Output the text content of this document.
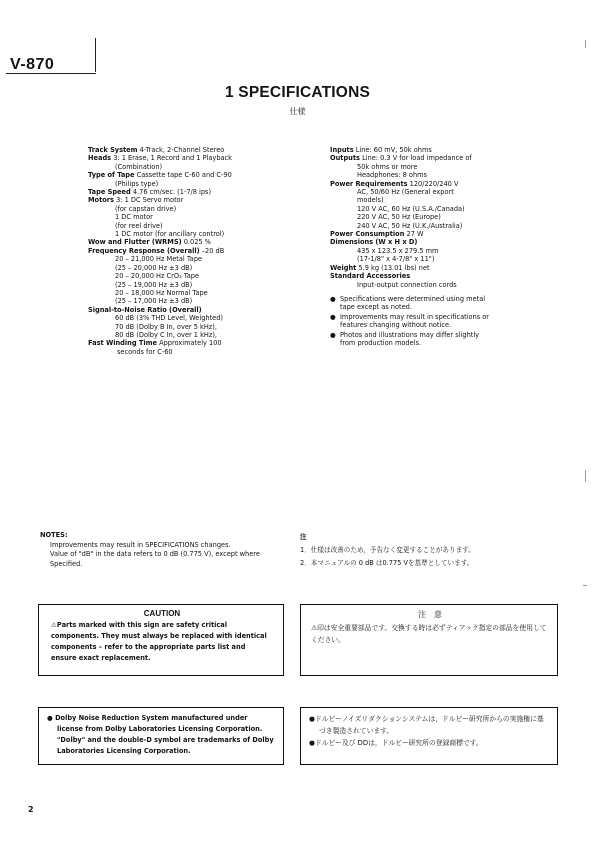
V-870
1 SPECIFICATIONS
仕様
Track System 4-Track, 2-Channel Stereo
Heads 3: 1 Erase, 1 Record and 1 Playback
(Combination)
Type of Tape Cassette tape C-60 and C-90
(Philips type)
Tape Speed 4.76 cm/sec. (1-7/8 ips)
Motors 3: 1 DC Servo motor
(for capstan drive)
1 DC motor
(for reel drive)
1 DC motor (for ancillary control)
Wow and Flutter (WRMS) 0.025 %
Frequency Response (Overall) –20 dB
20 – 21,000 Hz Metal Tape
(25 – 20,000 Hz ±3 dB)
20 – 20,000 Hz CrO₂ Tape
(25 – 19,000 Hz ±3 dB)
20 – 18,000 Hz Normal Tape
(25 – 17,000 Hz ±3 dB)
Signal-to-Noise Ratio (Overall)
60 dB (3% THD Level, Weighted)
70 dB (Dolby B In, over 5 kHz),
80 dB (Dolby C In, over 1 kHz),
Fast Winding Time Approximately 100
seconds for C-60
Inputs Line: 60 mV, 50k ohms
Outputs Line: 0.3 V for load impedance of
50k ohms or more
Headphones: 8 ohms
Power Requirements 120/220/240 V
AC, 50/60 Hz (General export
models)
120 V AC, 60 Hz (U.S.A./Canada)
220 V AC, 50 Hz (Europe)
240 V AC, 50 Hz (U.K./Australia)
Power Consumption 27 W
Dimensions (W x H x D)
435 x 123.5 x 279.5 mm
(17-1/8" x 4-7/8" x 11")
Weight 5.9 kg (13.01 lbs) net
Standard Accessories
Input-output connection cords
●  Specifications were determined using metal tape except as noted.
●  Improvements may result in specifications or features changing without notice.
●  Photos and illustrations may differ slightly from production models.
NOTES:
Improvements may result in SPECIFICATIONS changes.
Value of "dB" in the data refers to 0 dB (0.775 V), except where Specified.
注
1．仕様は改善のため，予告なく変更することがあります。
2．本マニュアルの 0 dB は0.775 Vを基準としています。
CAUTION
⚠Parts marked with this sign are safety critical components. They must always be replaced with identical components – refer to the appropriate parts list and ensure exact replacement.
注　意
⚠印は安全重要部品です。交換する時は必ずティアック指定の部品を使用してください。
● Dolby Noise Reduction System manufactured under license from Dolby Laboratories Licensing Corporation.
"Dolby" and the double-D symbol are trademarks of Dolby Laboratories Licensing Corporation.
●ドルビーノイズリダクションシステムは，ドルビー研究所からの実施権に基づき製造されています。
●ドルビー及び DDは，ドルビー研究所の登録商標です。
2
